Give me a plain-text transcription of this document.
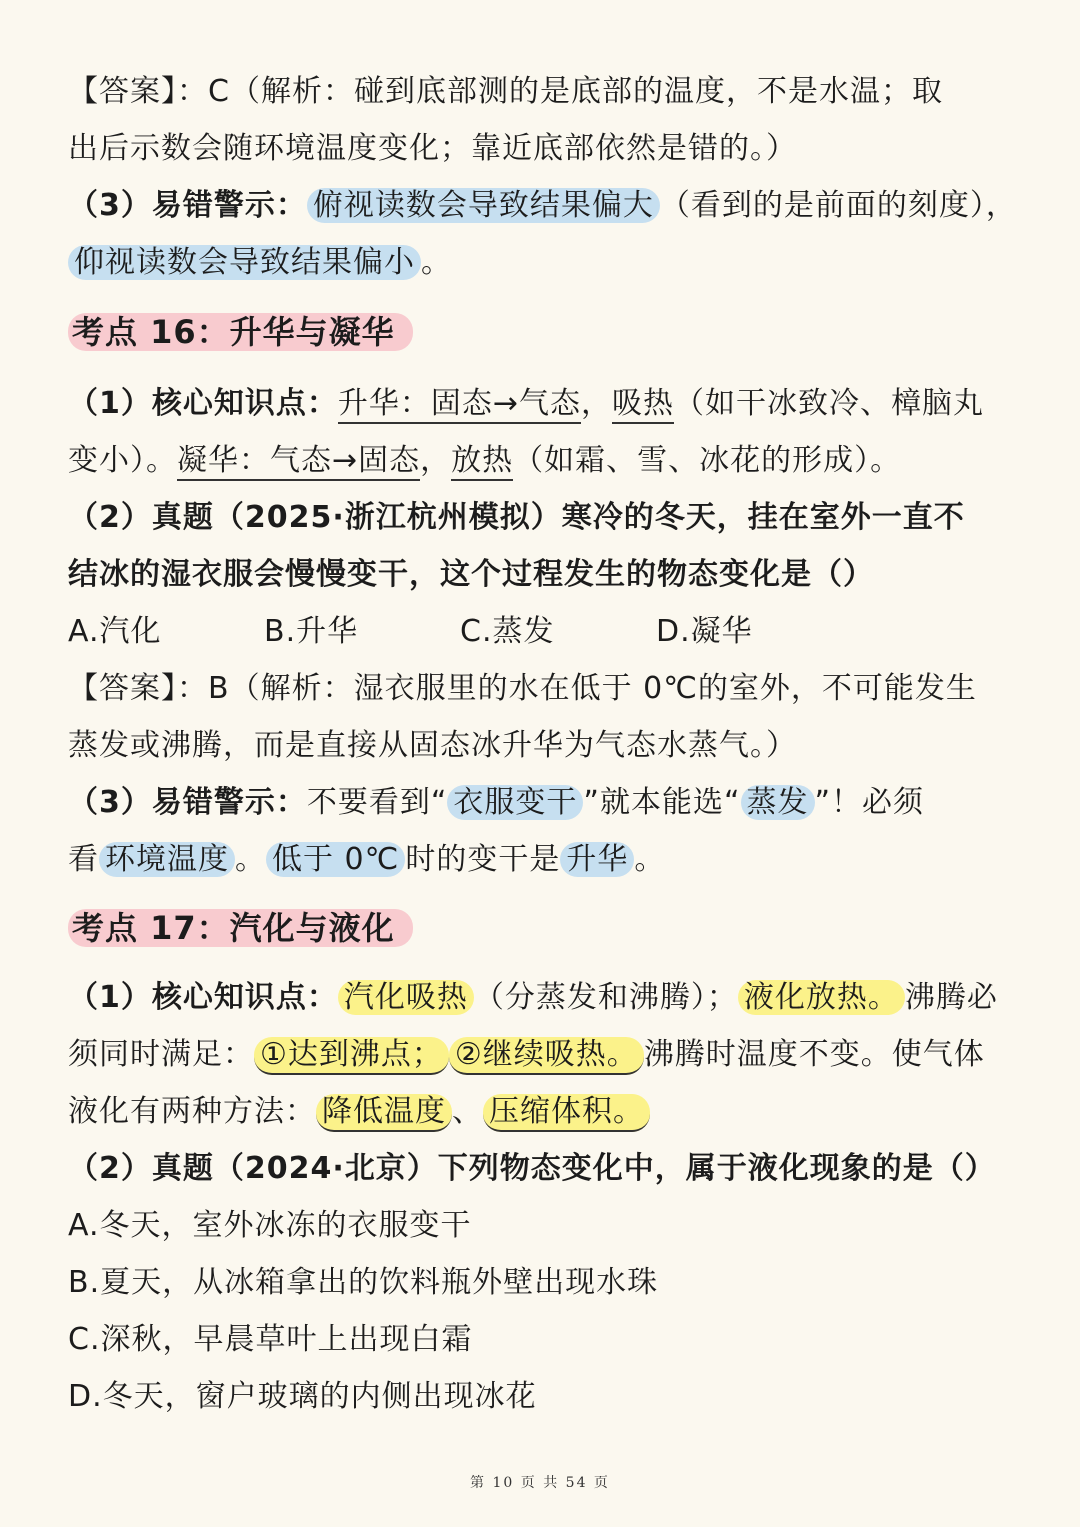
【答案】：C（解析：碰到底部测的是底部的温度，不是水温；取
出后示数会随环境温度变化；靠近底部依然是错的。）
（3）易错警示： 俯视读数会导致结果偏大 （看到的是前面的刻度），
仰视读数会导致结果偏小 。
考点 16：升华与凝华
（1）核心知识点：升华：固态→气态，吸热（如干冰致冷、樟脑丸
变小）。凝华：气态→固态，放热（如霜、雪、冰花的形成）。
（2）真题（2025·浙江杭州模拟）寒冷的冬天，挂在室外一直不
结冰的湿衣服会慢慢变干，这个过程发生的物态变化是（）
A.汽化	B.升华	C.蒸发	D.凝华
【答案】：B（解析：湿衣服里的水在低于 0℃的室外，不可能发生
蒸发或沸腾，而是直接从固态冰升华为气态水蒸气。）
（3）易错警示：不要看到“ 衣服变干 ”就本能选“ 蒸发 ”！必须
看 环境温度 。 低于 0℃ 时的变干是 升华 。
考点 17：汽化与液化
（1）核心知识点： 汽化吸热 （分蒸发和沸腾）； 液化放热。 沸腾必
须同时满足： ①达到沸点； ②继续吸热。 沸腾时温度不变。使气体
液化有两种方法： 降低温度 、 压缩体积。
（2）真题（2024·北京）下列物态变化中，属于液化现象的是（）
A.冬天，室外冰冻的衣服变干
B.夏天，从冰箱拿出的饮料瓶外壁出现水珠
C.深秋，早晨草叶上出现白霜
D.冬天，窗户玻璃的内侧出现冰花
第 10 页 共 54 页
